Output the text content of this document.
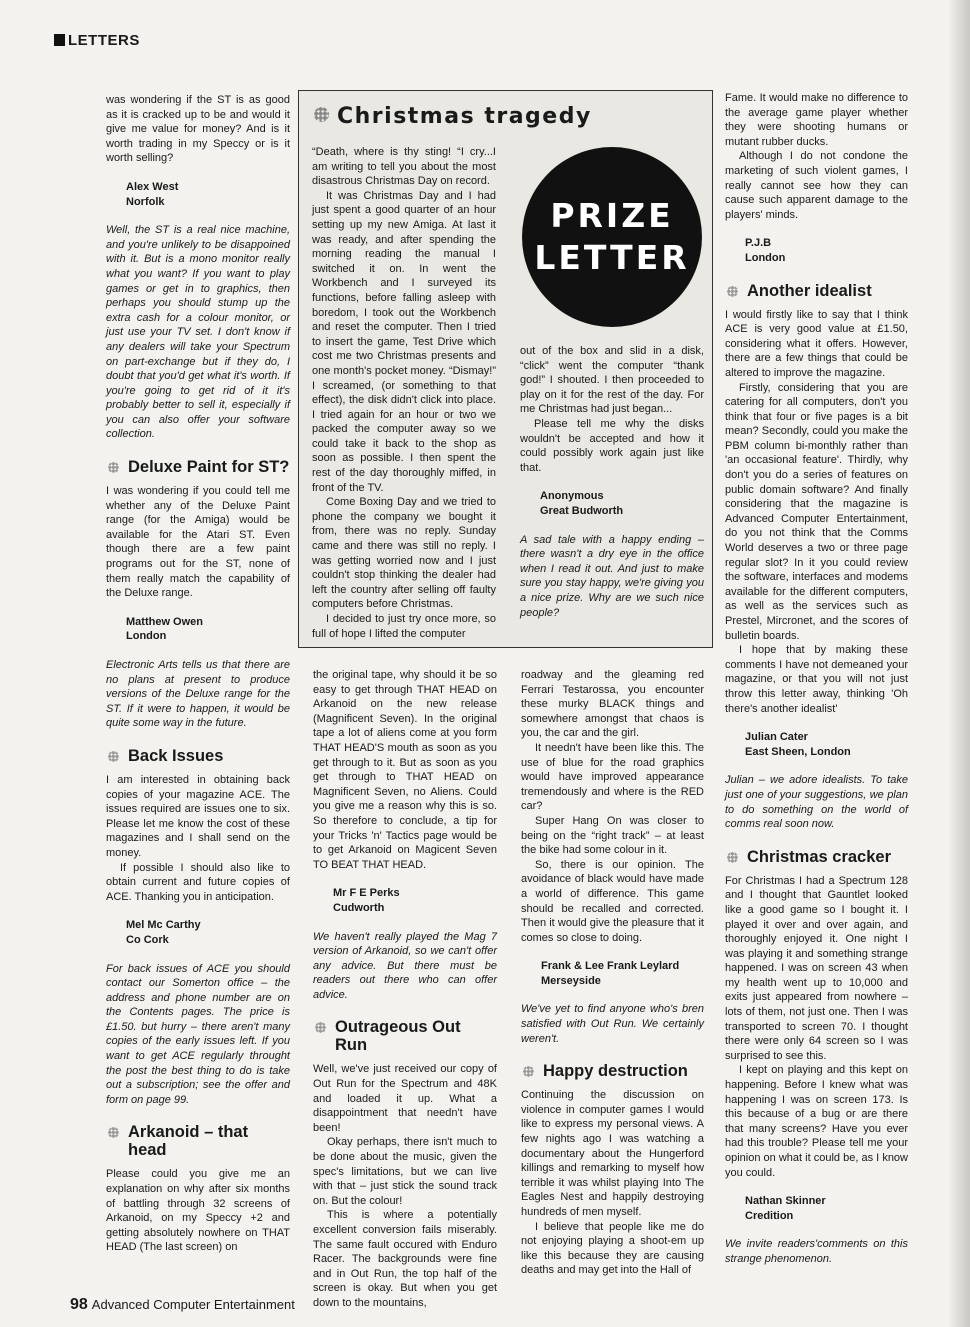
LETTERS

was wondering if the ST is as good as it is cracked up to be and would it give me value for money? And is it worth trading in my Speccy or is it worth selling?

Alex West
Norfolk

Well, the ST is a real nice machine, and you're unlikely to be disappoined with it. But is a mono monitor really what you want? If you want to play games or get in to graphics, then perhaps you should stump up the extra cash for a colour monitor, or just use your TV set. I don't know if any dealers will take your Spectrum on part-exchange but if they do, I doubt that you'd get what it's worth. If you're going to get rid of it it's probably better to sell it, especially if you can also offer your software collection.

Deluxe Paint for ST?

I was wondering if you could tell me whether any of the Deluxe Paint range (for the Amiga) would be available for the Atari ST. Even though there are a few paint programs out for the ST, none of them really match the capability of the Deluxe range.

Matthew Owen
London

Electronic Arts tells us that there are no plans at present to produce versions of the Deluxe range for the ST. If it were to happen, it would be quite some way in the future.

Back Issues

I am interested in obtaining back copies of your magazine ACE. The issues required are issues one to six. Please let me know the cost of these magazines and I shall send on the money.

If possible I should also like to obtain current and future copies of ACE. Thanking you in anticipation.

Mel Mc Carthy
Co Cork

For back issues of ACE you should contact our Somerton office – the address and phone number are on the Contents pages. The price is £1.50. but hurry – there aren't many copies of the early issues left. If you want to get ACE regularly throught the post the best thing to do is take out a subscription; see the offer and form on page 99.

Arkanoid – that head

Please could you give me an explanation on why after six months of battling through 32 screens of Arkanoid, on my Speccy +2 and getting absolutely nowhere on THAT HEAD (The last screen) on

Christmas tragedy
PRIZE
LETTER

“Death, where is thy sting! “I cry...I am writing to tell you about the most disastrous Christmas Day on record.

It was Christmas Day and I had just spent a good quarter of an hour setting up my new Amiga. At last it was ready, and after spending the morning reading the manual I switched it on. In went the Workbench and I surveyed its functions, before falling asleep with boredom, I took out the Workbench and reset the computer. Then I tried to insert the game, Test Drive which cost me two Christmas presents and one month's pocket money. “Dismay!” I screamed, (or something to that effect), the disk didn't click into place. I tried again for an hour or two we packed the computer away so we could take it back to the shop as soon as possible. I then spent the rest of the day thoroughly miffed, in front of the TV.

Come Boxing Day and we tried to phone the company we bought it from, there was no reply. Sunday came and there was still no reply. I was getting worried now and I just couldn't stop thinking the dealer had left the country after selling off faulty computers before Christmas.

I decided to just try once more, so full of hope I lifted the computer

out of the box and slid in a disk, “click” went the computer “thank god!” I shouted. I then proceeded to play on it for the rest of the day. For me Christmas had just began...

Please tell me why the disks wouldn't be accepted and how it could possibly work again just like that.

Anonymous
Great Budworth

A sad tale with a happy ending – there wasn't a dry eye in the office when I read it out. And just to make sure you stay happy, we're giving you a nice prize. Why are we such nice people?

the original tape, why should it be so easy to get through THAT HEAD on Arkanoid on the new release (Magnificent Seven). In the original tape a lot of aliens come at you form THAT HEAD'S mouth as soon as you get through to it. But as soon as you get through to THAT HEAD on Magnificent Seven, no Aliens. Could you give me a reason why this is so. So therefore to conclude, a tip for your Tricks 'n' Tactics page would be to get Arkanoid on Magicent Seven TO BEAT THAT HEAD.

Mr F E Perks
Cudworth

We haven't really played the Mag 7 version of Arkanoid, so we can't offer any advice. But there must be readers out there who can offer advice.

Outrageous Out Run

Well, we've just received our copy of Out Run for the Spectrum and 48K and loaded it up. What a disappointment that needn't have been!

Okay perhaps, there isn't much to be done about the music, given the spec's limitations, but we can live with that – just stick the sound track on. But the colour!

This is where a potentially excellent conversion fails miserably. The same fault occured with Enduro Racer. The backgrounds were fine and in Out Run, the top half of the screen is okay. But when you get down to the mountains,

roadway and the gleaming red Ferrari Testarossa, you encounter these murky BLACK things and somewhere amongst that chaos is you, the car and the girl.

It needn't have been like this. The use of blue for the road graphics would have improved appearance tremendously and where is the RED car?

Super Hang On was closer to being on the “right track” – at least the bike had some colour in it.

So, there is our opinion. The avoidance of black would have made a world of difference. This game should be recalled and corrected. Then it would give the pleasure that it comes so close to doing.

Frank & Lee Frank Leylard
Merseyside

We've yet to find anyone who's bren satisfied with Out Run. We certainly weren't.

Happy destruction

Continuing the discussion on violence in computer games I would like to express my personal views. A few nights ago I was watching a documentary about the Hungerford killings and remarking to myself how terrible it was whilst playing Into The Eagles Nest and happily destroying hundreds of men myself.

I believe that people like me do not enjoying playing a shoot-em up like this because they are causing deaths and may get into the Hall of

Fame. It would make no difference to the average game player whether they were shooting humans or mutant rubber ducks.

Although I do not condone the marketing of such violent games, I really cannot see how they can cause such apparent damage to the players' minds.

P.J.B
London
Another idealist

I would firstly like to say that I think ACE is very good value at £1.50, considering what it offers. However, there are a few things that could be altered to improve the magazine.

Firstly, considering that you are catering for all computers, don't you think that four or five pages is a bit mean? Secondly, could you make the PBM column bi-monthly rather than 'an occasional feature'. Thirdly, why don't you do a series of features on public domain software? And finally considering that the magazine is Advanced Computer Entertainment, do you not think that the Comms World deserves a two or three page regular slot? In it you could review the software, interfaces and modems available for the different computers, as well as the services such as Prestel, Mircronet, and the scores of bulletin boards.

I hope that by making these comments I have not demeaned your magazine, or that you will not just throw this letter away, thinking 'Oh there's another idealist'

Julian Cater
East Sheen, London

Julian – we adore idealists. To take just one of your suggestions, we plan to do something on the world of comms real soon now.

Christmas cracker

For Christmas I had a Spectrum 128 and I thought that Gauntlet looked like a good game so I bought it. I played it over and over again, and thoroughly enjoyed it. One night I was playing it and something strange happened. I was on screen 43 when my health went up to 10,000 and exits just appeared from nowhere – lots of them, not just one. Then I was transported to screen 70. I thought there were only 64 screen so I was surprised to see this.

I kept on playing and this kept on happening. Before I knew what was happening I was on screen 173. Is this because of a bug or are there that many screens? Have you ever had this trouble? Please tell me your opinion on what it could be, as I know you could.

Nathan Skinner
Credition

We invite readers'comments on this strange phenomenon.

98 Advanced Computer Entertainment
